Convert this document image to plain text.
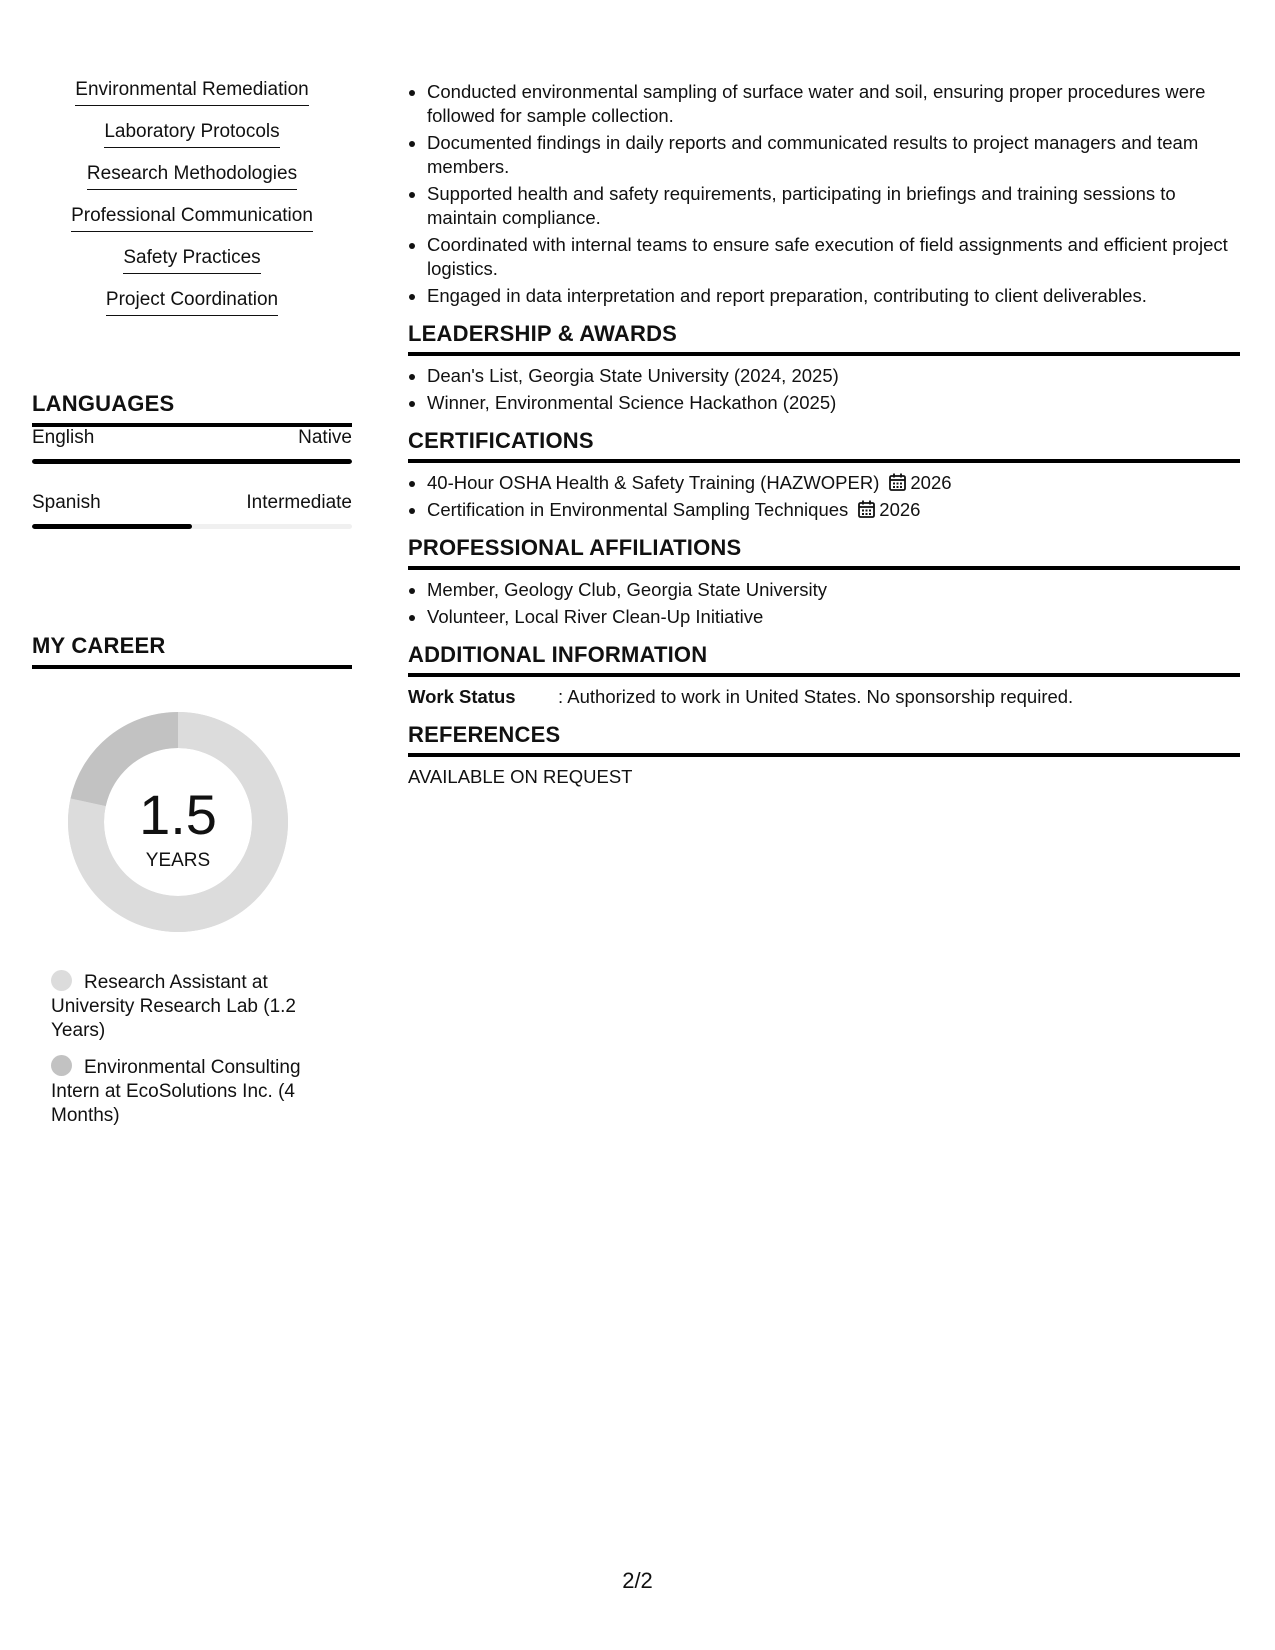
Environmental Remediation
Laboratory Protocols
Research Methodologies
Professional Communication
Safety Practices
Project Coordination
LANGUAGES
English	Native
Spanish	Intermediate
MY CAREER
1.5
YEARS
Research Assistant at University Research Lab (1.2 Years)
Environmental Consulting Intern at EcoSolutions Inc. (4 Months)
• Conducted environmental sampling of surface water and soil, ensuring proper procedures were followed for sample collection.
• Documented findings in daily reports and communicated results to project managers and team members.
• Supported health and safety requirements, participating in briefings and training sessions to maintain compliance.
• Coordinated with internal teams to ensure safe execution of field assignments and efficient project logistics.
• Engaged in data interpretation and report preparation, contributing to client deliverables.
LEADERSHIP & AWARDS
• Dean's List, Georgia State University (2024, 2025)
• Winner, Environmental Science Hackathon (2025)
CERTIFICATIONS
• 40-Hour OSHA Health & Safety Training (HAZWOPER) 2026
• Certification in Environmental Sampling Techniques 2026
PROFESSIONAL AFFILIATIONS
• Member, Geology Club, Georgia State University
• Volunteer, Local River Clean-Up Initiative
ADDITIONAL INFORMATION
Work Status : Authorized to work in United States. No sponsorship required.
REFERENCES
AVAILABLE ON REQUEST
2/2
